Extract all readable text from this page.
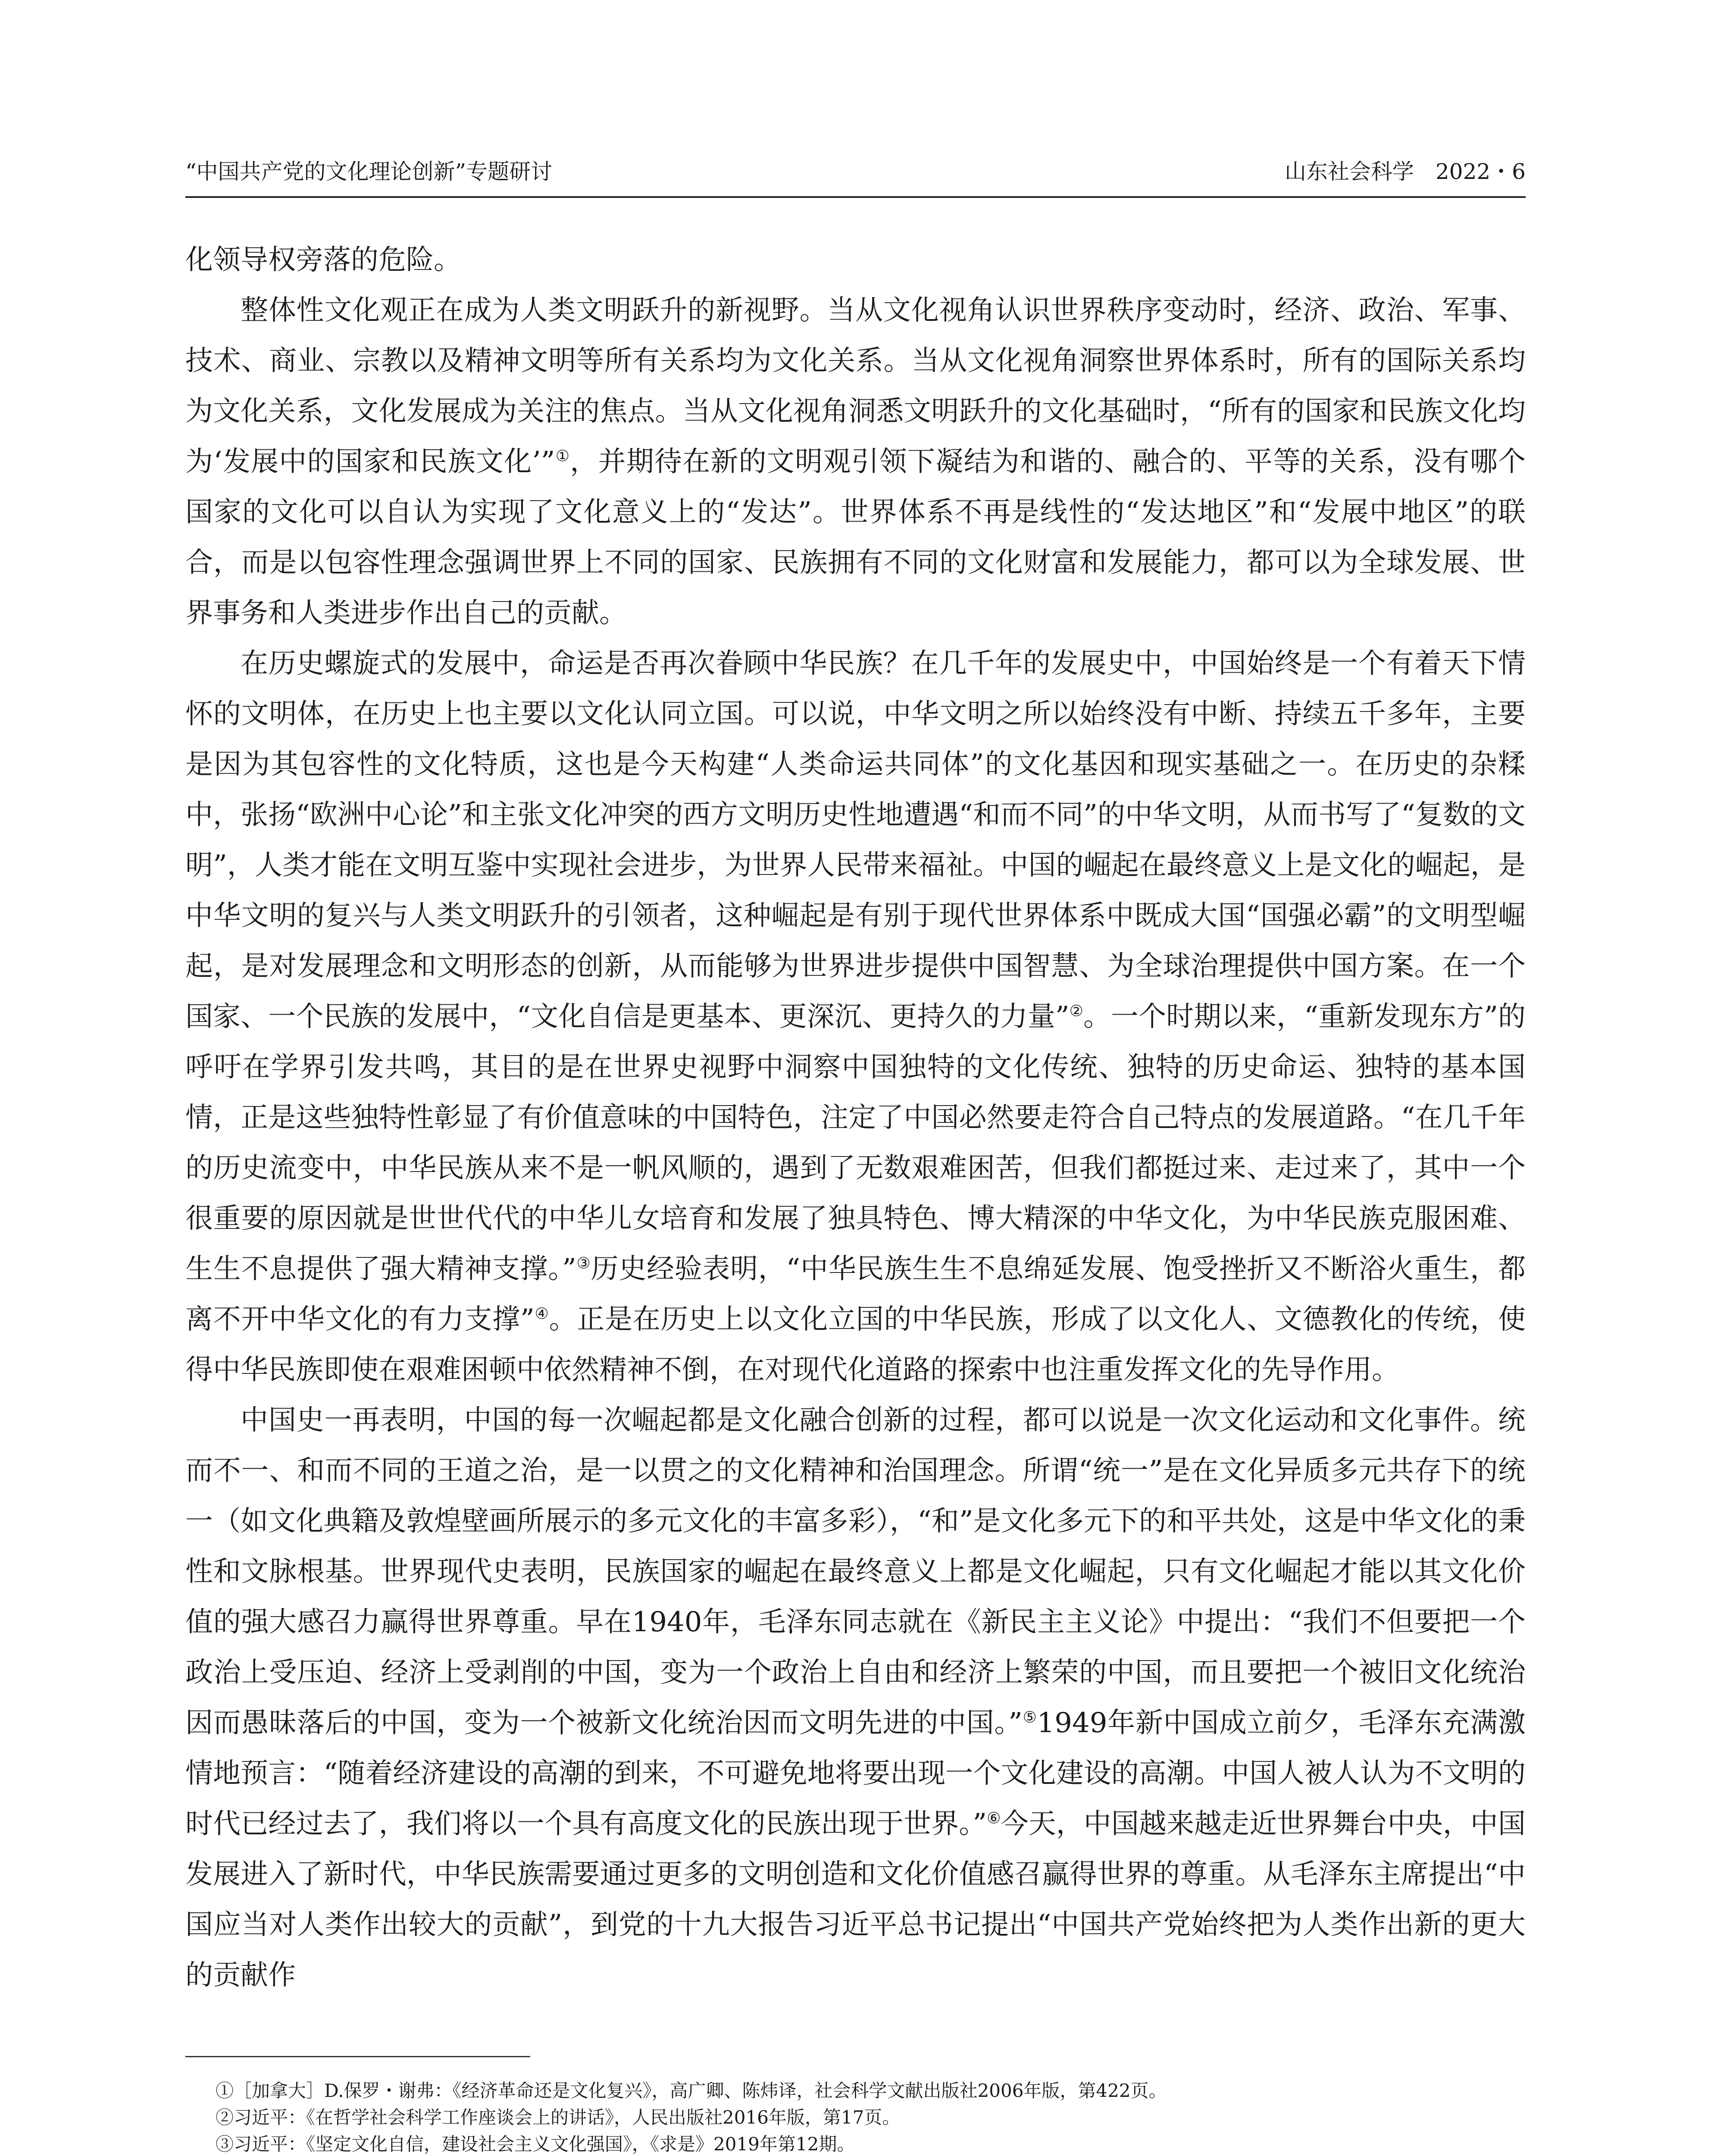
“中国共产党的文化理论创新”专题研讨	山东社会科学　2022・6

化领导权旁落的危险。

整体性文化观正在成为人类文明跃升的新视野。当从文化视角认识世界秩序变动时，经济、政治、军事、技术、商业、宗教以及精神文明等所有关系均为文化关系。当从文化视角洞察世界体系时，所有的国际关系均为文化关系，文化发展成为关注的焦点。当从文化视角洞悉文明跃升的文化基础时，“所有的国家和民族文化均为‘发展中的国家和民族文化’”①，并期待在新的文明观引领下凝结为和谐的、融合的、平等的关系，没有哪个国家的文化可以自认为实现了文化意义上的“发达”。世界体系不再是线性的“发达地区”和“发展中地区”的联合，而是以包容性理念强调世界上不同的国家、民族拥有不同的文化财富和发展能力，都可以为全球发展、世界事务和人类进步作出自己的贡献。

在历史螺旋式的发展中，命运是否再次眷顾中华民族？在几千年的发展史中，中国始终是一个有着天下情怀的文明体，在历史上也主要以文化认同立国。可以说，中华文明之所以始终没有中断、持续五千多年，主要是因为其包容性的文化特质，这也是今天构建“人类命运共同体”的文化基因和现实基础之一。在历史的杂糅中，张扬“欧洲中心论”和主张文化冲突的西方文明历史性地遭遇“和而不同”的中华文明，从而书写了“复数的文明”，人类才能在文明互鉴中实现社会进步，为世界人民带来福祉。中国的崛起在最终意义上是文化的崛起，是中华文明的复兴与人类文明跃升的引领者，这种崛起是有别于现代世界体系中既成大国“国强必霸”的文明型崛起，是对发展理念和文明形态的创新，从而能够为世界进步提供中国智慧、为全球治理提供中国方案。在一个国家、一个民族的发展中，“文化自信是更基本、更深沉、更持久的力量”②。一个时期以来，“重新发现东方”的呼吁在学界引发共鸣，其目的是在世界史视野中洞察中国独特的文化传统、独特的历史命运、独特的基本国情，正是这些独特性彰显了有价值意味的中国特色，注定了中国必然要走符合自己特点的发展道路。“在几千年的历史流变中，中华民族从来不是一帆风顺的，遇到了无数艰难困苦，但我们都挺过来、走过来了，其中一个很重要的原因就是世世代代的中华儿女培育和发展了独具特色、博大精深的中华文化，为中华民族克服困难、生生不息提供了强大精神支撑。”③历史经验表明，“中华民族生生不息绵延发展、饱受挫折又不断浴火重生，都离不开中华文化的有力支撑”④。正是在历史上以文化立国的中华民族，形成了以文化人、文德教化的传统，使得中华民族即使在艰难困顿中依然精神不倒，在对现代化道路的探索中也注重发挥文化的先导作用。

中国史一再表明，中国的每一次崛起都是文化融合创新的过程，都可以说是一次文化运动和文化事件。统而不一、和而不同的王道之治，是一以贯之的文化精神和治国理念。所谓“统一”是在文化异质多元共存下的统一（如文化典籍及敦煌壁画所展示的多元文化的丰富多彩），“和”是文化多元下的和平共处，这是中华文化的秉性和文脉根基。世界现代史表明，民族国家的崛起在最终意义上都是文化崛起，只有文化崛起才能以其文化价值的强大感召力赢得世界尊重。早在1940年，毛泽东同志就在《新民主主义论》中提出：“我们不但要把一个政治上受压迫、经济上受剥削的中国，变为一个政治上自由和经济上繁荣的中国，而且要把一个被旧文化统治因而愚昧落后的中国，变为一个被新文化统治因而文明先进的中国。”⑤1949年新中国成立前夕，毛泽东充满激情地预言：“随着经济建设的高潮的到来，不可避免地将要出现一个文化建设的高潮。中国人被人认为不文明的时代已经过去了，我们将以一个具有高度文化的民族出现于世界。”⑥今天，中国越来越走近世界舞台中央，中国发展进入了新时代，中华民族需要通过更多的文明创造和文化价值感召赢得世界的尊重。从毛泽东主席提出“中国应当对人类作出较大的贡献”，到党的十九大报告习近平总书记提出“中国共产党始终把为人类作出新的更大的贡献作

①［加拿大］D.保罗・谢弗：《经济革命还是文化复兴》，高广卿、陈炜译，社会科学文献出版社2006年版，第422页。
②习近平：《在哲学社会科学工作座谈会上的讲话》，人民出版社2016年版，第17页。
③习近平：《坚定文化自信，建设社会主义文化强国》，《求是》2019年第12期。
